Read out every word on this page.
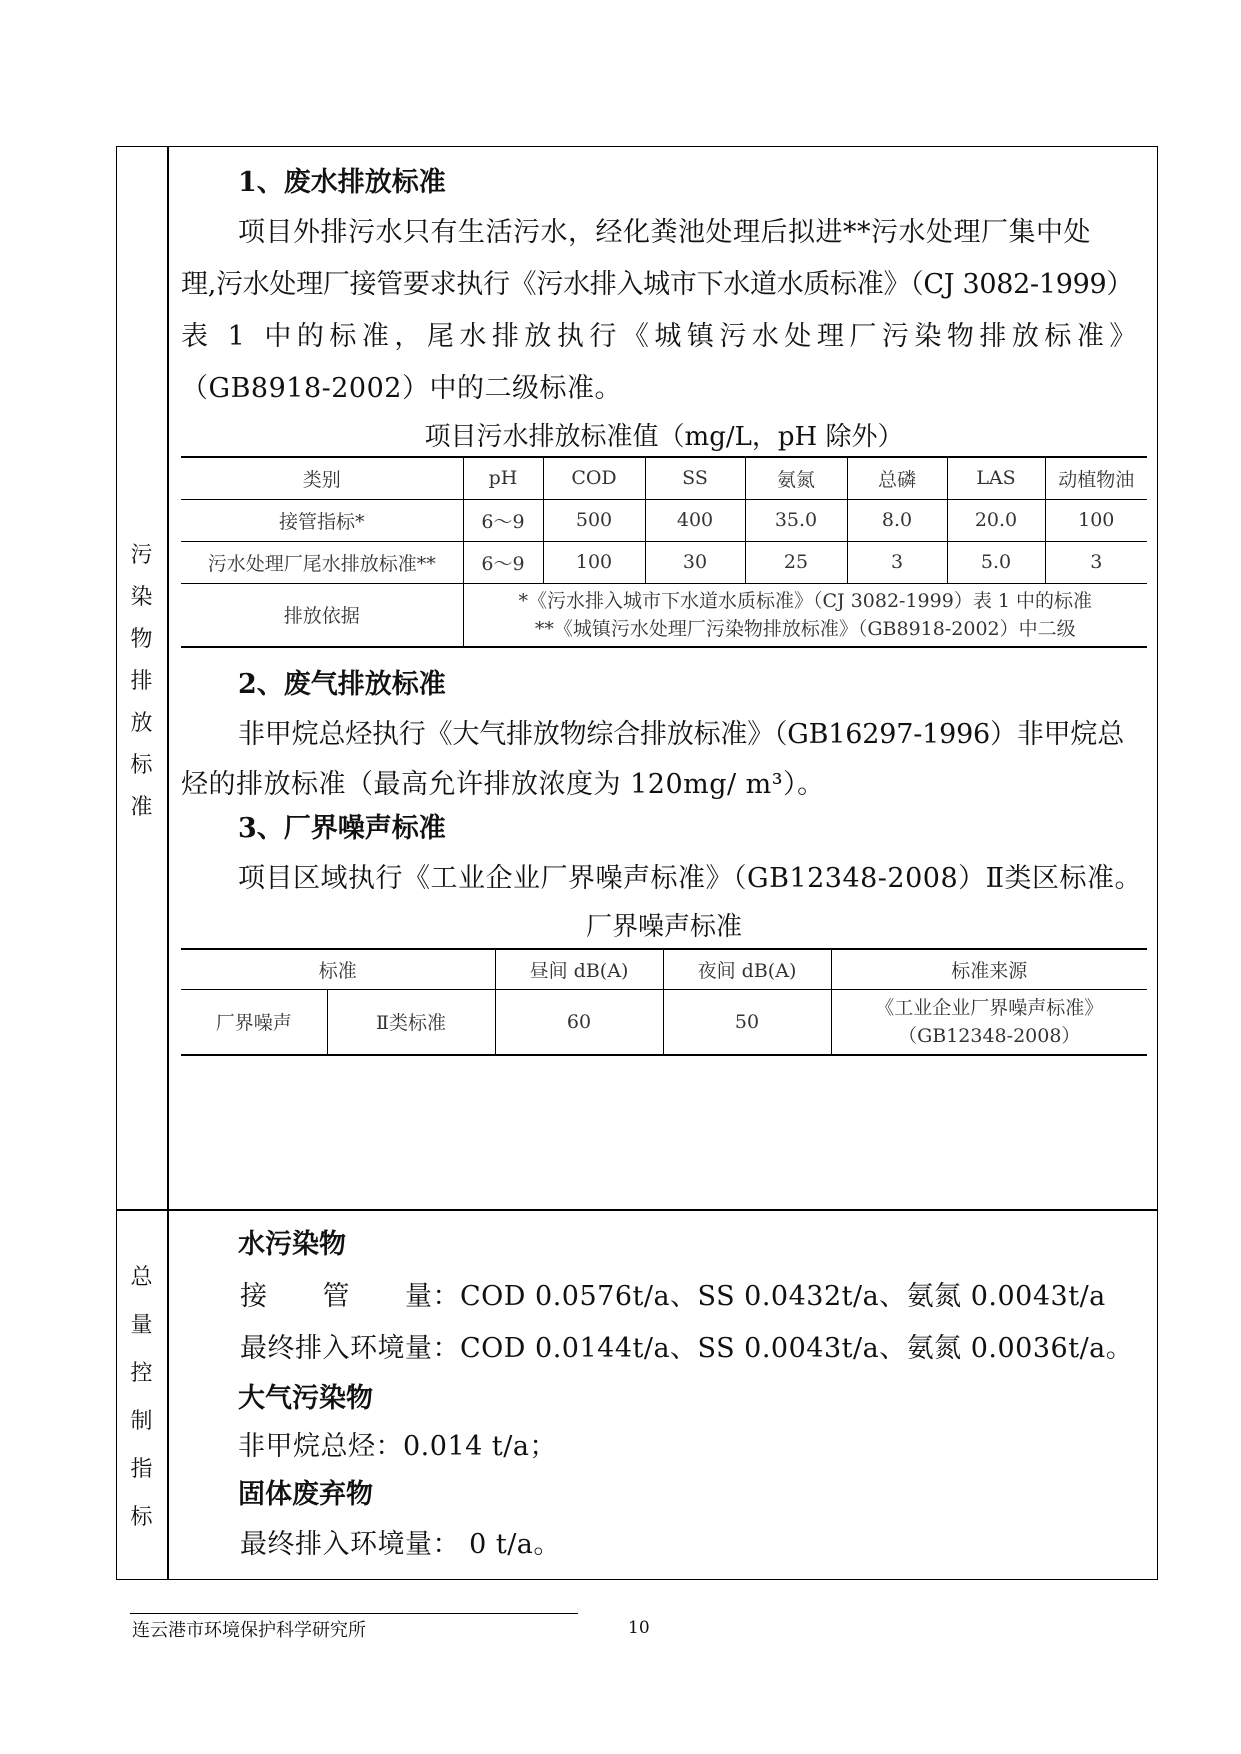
污
染
物
排
放
标
准
1、废水排放标准
项目外排污水只有生活污水，经化粪池处理后拟进**污水处理厂集中处
理,污水处理厂接管要求执行《污水排入城市下水道水质标准》（CJ 3082-1999）
表 1 中的标准，尾水排放执行《城镇污水处理厂污染物排放标准》
（GB8918-2002）中的二级标准。
项目污水排放标准值（mg/L，pH 除外）
类别	pH	COD	SS	氨氮	总磷	LAS	动植物油
接管指标*	6～9	500	400	35.0	8.0	20.0	100
污水处理厂尾水排放标准**	6～9	100	30	25	3	5.0	3
排放依据	*《污水排入城市下水道水质标准》（CJ 3082-1999）表 1 中的标准
**《城镇污水处理厂污染物排放标准》（GB8918-2002）中二级						
2、废气排放标准
非甲烷总烃执行《大气排放物综合排放标准》（GB16297-1996）非甲烷总
烃的排放标准（最高允许排放浓度为 120mg/ m³）。
3、厂界噪声标准
项目区域执行《工业企业厂界噪声标准》（GB12348-2008）Ⅱ类区标准。
厂界噪声标准
标准		昼间 dB(A)	夜间 dB(A)	标准来源
厂界噪声	Ⅱ类标准	60	50	《工业企业厂界噪声标准》
（GB12348-2008）
总
量
控
制
指
标
水污染物
接　　管　　量：COD 0.0576t/a、SS 0.0432t/a、氨氮 0.0043t/a
最终排入环境量：COD 0.0144t/a、SS 0.0043t/a、氨氮 0.0036t/a。
大气污染物
非甲烷总烃：0.014 t/a；
固体废弃物
最终排入环境量： 0 t/a。
连云港市环境保护科学研究所	10
